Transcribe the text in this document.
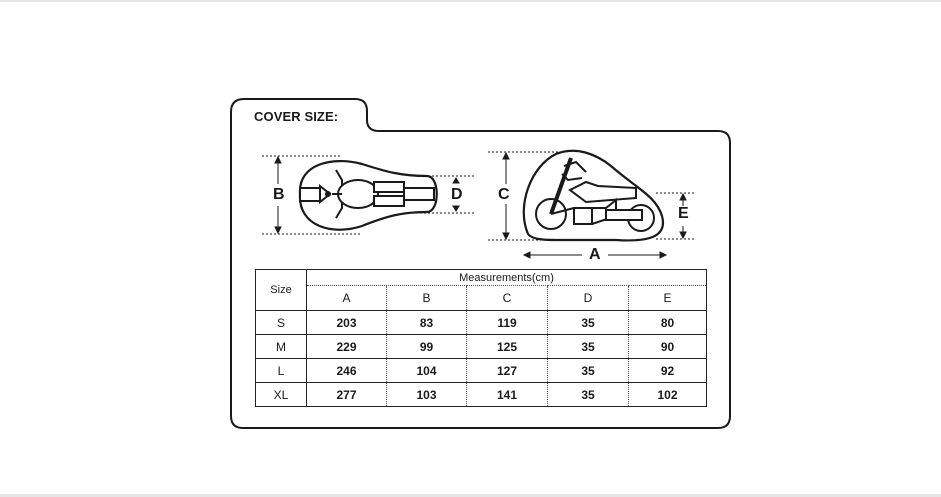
COVER SIZE:
B	D C
E
A
Size	Measurements(cm)				
	A	B	C	D	E
S	203	83	119	35	80
M	229	99	125	35	90
L	246	104	127	35	92
XL	277	103	141	35	102
